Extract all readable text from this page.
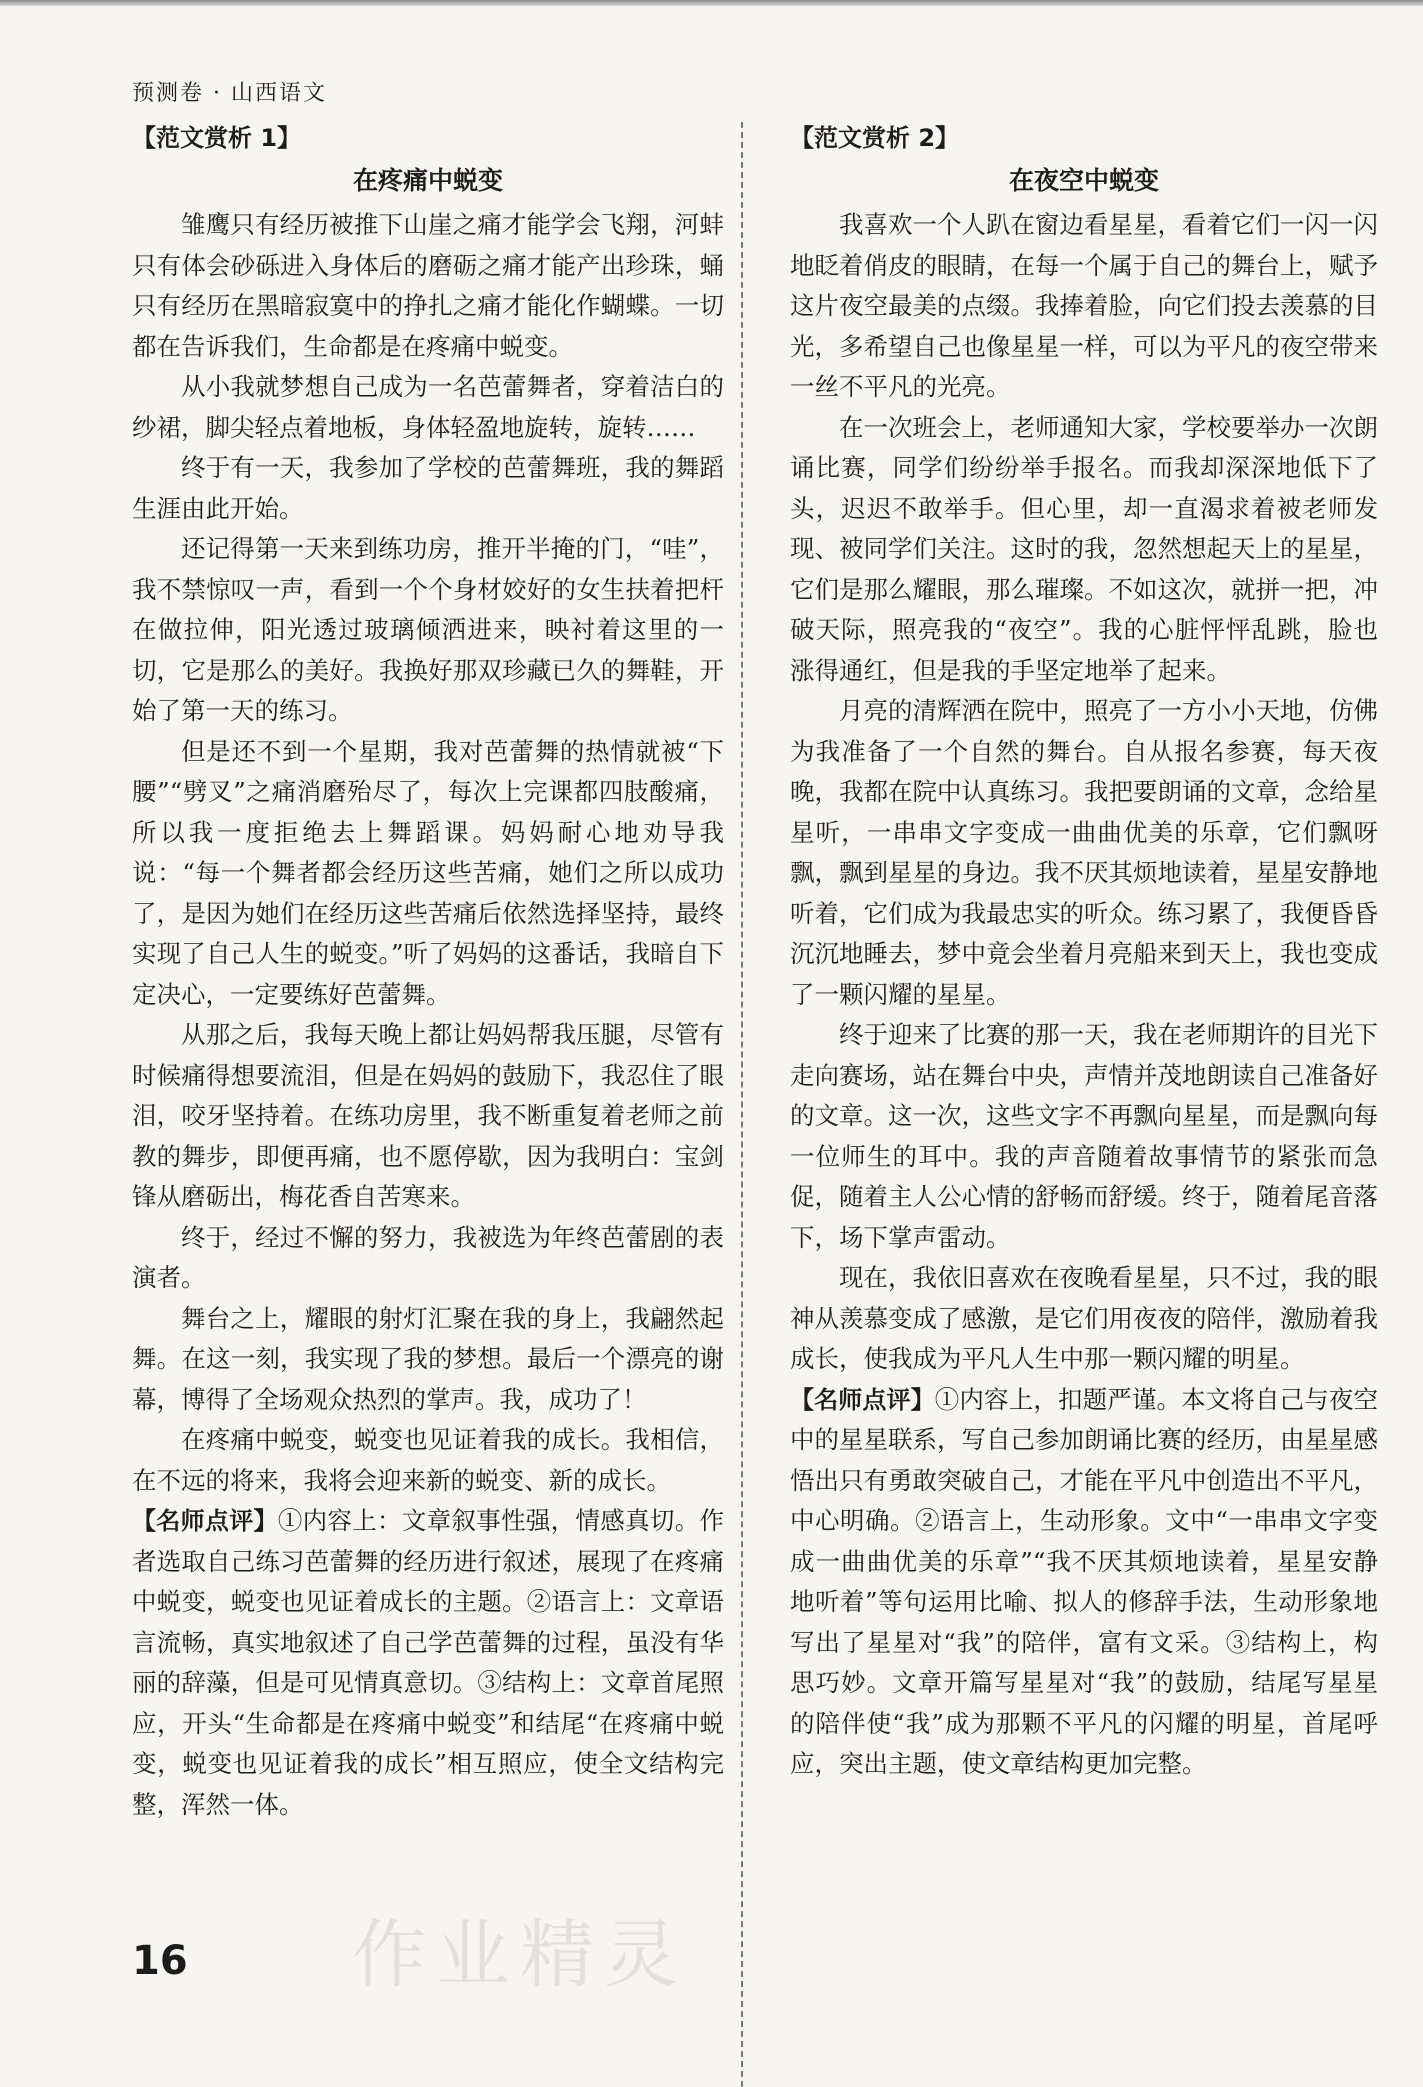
预测卷 · 山西语文
【范文赏析 1】
在疼痛中蜕变

雏鹰只有经历被推下山崖之痛才能学会飞翔，河蚌只有体会砂砾进入身体后的磨砺之痛才能产出珍珠，蛹只有经历在黑暗寂寞中的挣扎之痛才能化作蝴蝶。一切都在告诉我们，生命都是在疼痛中蜕变。

从小我就梦想自己成为一名芭蕾舞者，穿着洁白的纱裙，脚尖轻点着地板，身体轻盈地旋转，旋转……

终于有一天，我参加了学校的芭蕾舞班，我的舞蹈生涯由此开始。

还记得第一天来到练功房，推开半掩的门，“哇”，我不禁惊叹一声，看到一个个身材姣好的女生扶着把杆在做拉伸，阳光透过玻璃倾洒进来，映衬着这里的一切，它是那么的美好。我换好那双珍藏已久的舞鞋，开始了第一天的练习。

但是还不到一个星期，我对芭蕾舞的热情就被“下腰”“劈叉”之痛消磨殆尽了，每次上完课都四肢酸痛，所以我一度拒绝去上舞蹈课。妈妈耐心地劝导我说：“每一个舞者都会经历这些苦痛，她们之所以成功了，是因为她们在经历这些苦痛后依然选择坚持，最终实现了自己人生的蜕变。”听了妈妈的这番话，我暗自下定决心，一定要练好芭蕾舞。

从那之后，我每天晚上都让妈妈帮我压腿，尽管有时候痛得想要流泪，但是在妈妈的鼓励下，我忍住了眼泪，咬牙坚持着。在练功房里，我不断重复着老师之前教的舞步，即便再痛，也不愿停歇，因为我明白：宝剑锋从磨砺出，梅花香自苦寒来。

终于，经过不懈的努力，我被选为年终芭蕾剧的表演者。

舞台之上，耀眼的射灯汇聚在我的身上，我翩然起舞。在这一刻，我实现了我的梦想。最后一个漂亮的谢幕，博得了全场观众热烈的掌声。我，成功了！

在疼痛中蜕变，蜕变也见证着我的成长。我相信，在不远的将来，我将会迎来新的蜕变、新的成长。

【名师点评】①内容上：文章叙事性强，情感真切。作者选取自己练习芭蕾舞的经历进行叙述，展现了在疼痛中蜕变，蜕变也见证着成长的主题。②语言上：文章语言流畅，真实地叙述了自己学芭蕾舞的过程，虽没有华丽的辞藻，但是可见情真意切。③结构上：文章首尾照应，开头“生命都是在疼痛中蜕变”和结尾“在疼痛中蜕变，蜕变也见证着我的成长”相互照应，使全文结构完整，浑然一体。

【范文赏析 2】
在夜空中蜕变

我喜欢一个人趴在窗边看星星，看着它们一闪一闪地眨着俏皮的眼睛，在每一个属于自己的舞台上，赋予这片夜空最美的点缀。我捧着脸，向它们投去羡慕的目光，多希望自己也像星星一样，可以为平凡的夜空带来一丝不平凡的光亮。

在一次班会上，老师通知大家，学校要举办一次朗诵比赛，同学们纷纷举手报名。而我却深深地低下了头，迟迟不敢举手。但心里，却一直渴求着被老师发现、被同学们关注。这时的我，忽然想起天上的星星，它们是那么耀眼，那么璀璨。不如这次，就拼一把，冲破天际，照亮我的“夜空”。我的心脏怦怦乱跳，脸也涨得通红，但是我的手坚定地举了起来。

月亮的清辉洒在院中，照亮了一方小小天地，仿佛为我准备了一个自然的舞台。自从报名参赛，每天夜晚，我都在院中认真练习。我把要朗诵的文章，念给星星听，一串串文字变成一曲曲优美的乐章，它们飘呀飘，飘到星星的身边。我不厌其烦地读着，星星安静地听着，它们成为我最忠实的听众。练习累了，我便昏昏沉沉地睡去，梦中竟会坐着月亮船来到天上，我也变成了一颗闪耀的星星。

终于迎来了比赛的那一天，我在老师期许的目光下走向赛场，站在舞台中央，声情并茂地朗读自己准备好的文章。这一次，这些文字不再飘向星星，而是飘向每一位师生的耳中。我的声音随着故事情节的紧张而急促，随着主人公心情的舒畅而舒缓。终于，随着尾音落下，场下掌声雷动。

现在，我依旧喜欢在夜晚看星星，只不过，我的眼神从羡慕变成了感激，是它们用夜夜的陪伴，激励着我成长，使我成为平凡人生中那一颗闪耀的明星。

【名师点评】①内容上，扣题严谨。本文将自己与夜空中的星星联系，写自己参加朗诵比赛的经历，由星星感悟出只有勇敢突破自己，才能在平凡中创造出不平凡，中心明确。②语言上，生动形象。文中“一串串文字变成一曲曲优美的乐章”“我不厌其烦地读着，星星安静地听着”等句运用比喻、拟人的修辞手法，生动形象地写出了星星对“我”的陪伴，富有文采。③结构上，构思巧妙。文章开篇写星星对“我”的鼓励，结尾写星星的陪伴使“我”成为那颗不平凡的闪耀的明星，首尾呼应，突出主题，使文章结构更加完整。

作业精灵
16
